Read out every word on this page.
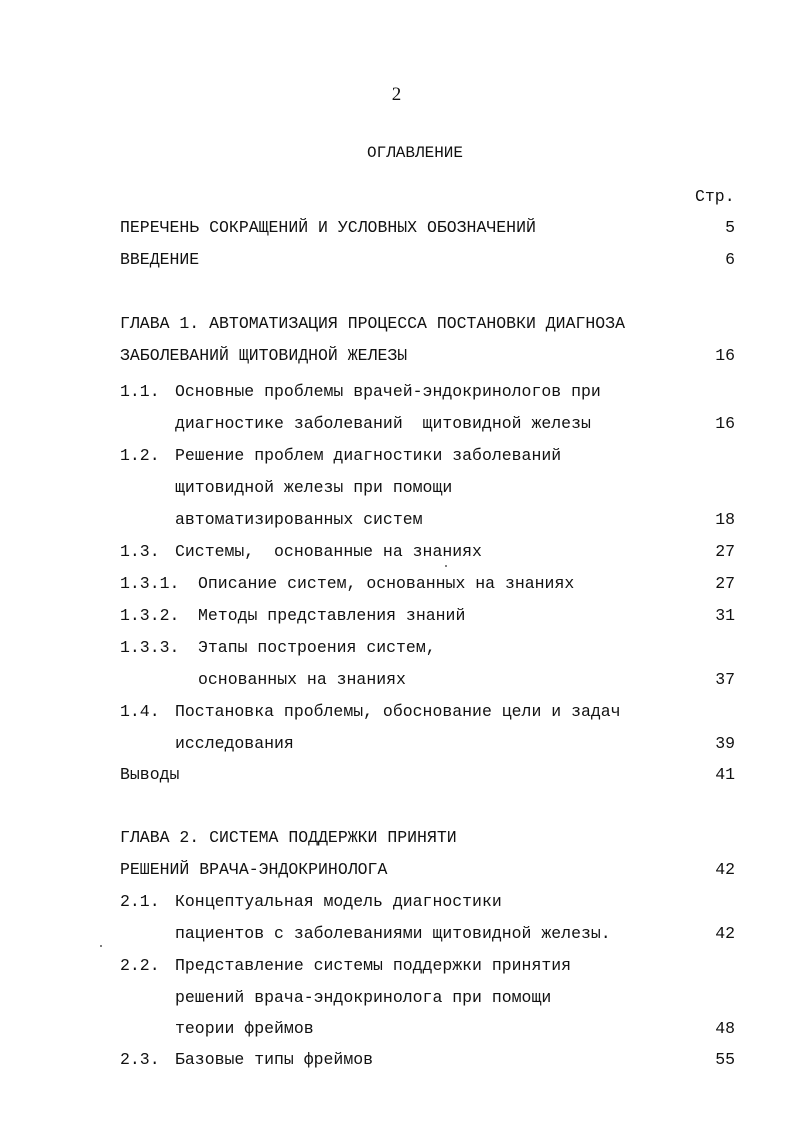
2
ОГЛАВЛЕНИЕ
Стр.
ПЕРЕЧЕНЬ СОКРАЩЕНИЙ И УСЛОВНЫХ ОБОЗНАЧЕНИЙ	5
ВВЕДЕНИЕ	6
ГЛАВА 1. АВТОМАТИЗАЦИЯ ПРОЦЕССА ПОСТАНОВКИ ДИАГНОЗА
ЗАБОЛЕВАНИЙ ЩИТОВИДНОЙ ЖЕЛЕЗЫ	16
1.1. Основные проблемы врачей-эндокринологов при
диагностике заболеваний  щитовидной железы	16
1.2. Решение проблем диагностики заболеваний
щитовидной железы при помощи
автоматизированных систем	18
1.3. Системы,  основанные на знаниях	27
1.3.1. Описание систем, основанных на знаниях	27
1.3.2. Методы представления знаний	31
1.3.3. Этапы построения систем,
основанных на знаниях	37
1.4. Постановка проблемы, обоснование цели и задач
исследования	39
Выводы	41
ГЛАВА 2. СИСТЕМА ПОДДЕРЖКИ ПРИНЯТИ
РЕШЕНИЙ ВРАЧА-ЭНДОКРИНОЛОГА	42
2.1. Концептуальная модель диагностики
пациентов с заболеваниями щитовидной железы.	42
2.2. Представление системы поддержки принятия
решений врача-эндокринолога при помощи
теории фреймов	48
2.3. Базовые типы фреймов	55
